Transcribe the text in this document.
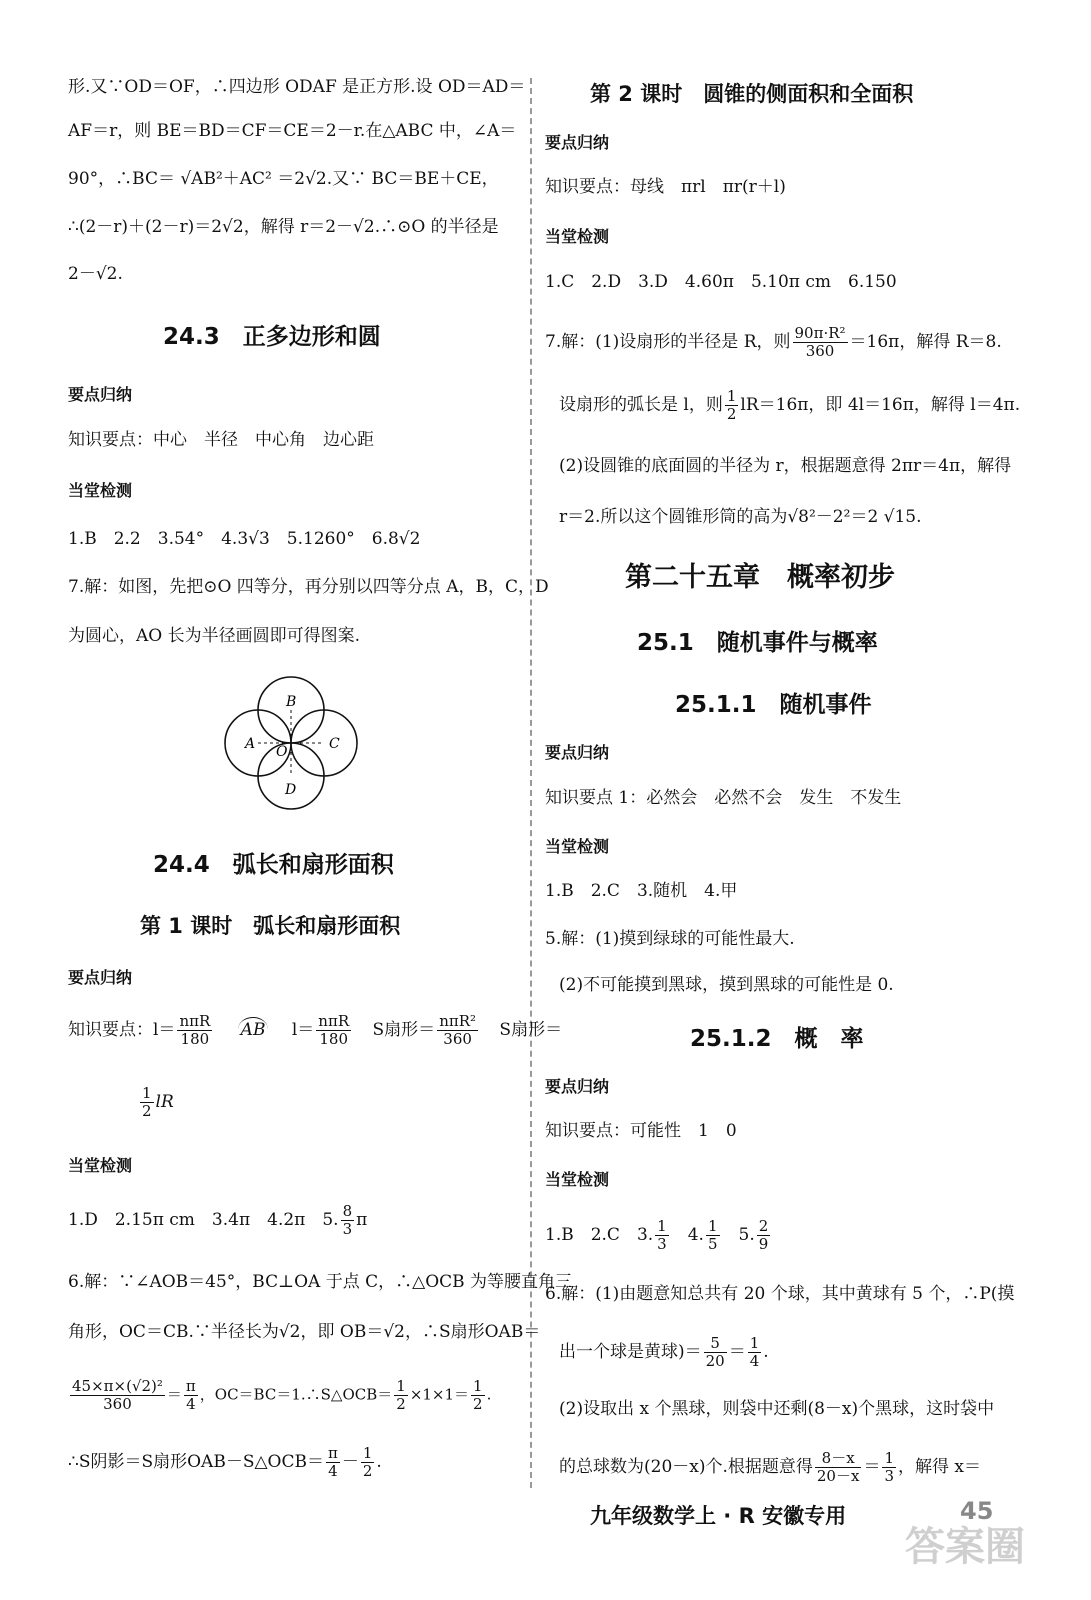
形.又∵OD＝OF，∴四边形 ODAF 是正方形.设 OD＝AD＝
AF＝r，则 BE＝BD＝CF＝CE＝2－r.在△ABC 中，∠A＝
90°，∴BC＝ √AB²＋AC² ＝2√2.又∵ BC＝BE＋CE，
∴(2－r)＋(2－r)＝2√2，解得 r＝2－√2.∴⊙O 的半径是
2－√2.
24.3　正多边形和圆
要点归纳
知识要点：中心　半径　中心角　边心距
当堂检测
1.B　2.2　3.54°　4.3√3　5.1260°　6.8√2
7.解：如图，先把⊙O 四等分，再分别以四等分点 A，B，C，D
为圆心，AO 长为半径画圆即可得图案.
B
A O	C
D
24.4　弧长和扇形面积
第 1 课时　弧长和扇形面积
要点归纳
知识要点：$l= \frac{\text{nπR}}{180}$ AB $l= \frac{\text{nπR}}{180}$ S扇形＝ $\frac{\text{nπR²}}{360}$ S扇形＝
$\frac{1}{2}$ lR
当堂检测
1.D　2.15π cm　3.4π　4.2π　5. $\frac{8}{3}$ π
6.解：∵∠AOB＝45°，BC⊥OA 于点 C，∴△OCB 为等腰直角三
角形，OC＝CB.∵半径长为√2，即 OB＝√2，∴S扇形OAB＝
$\frac{\text{45×π×(√2)²}}{360} = \frac{\pi}{4}$ ，OC＝BC＝1.∴S△OCB＝ $\frac{1}{2} \times 1\times 1= \frac{1}{2}$ .
∴S阴影＝S扇形OAB－S△OCB＝ $\frac{\pi}{4} - \frac{1}{2}$ .
第 2 课时　圆锥的侧面积和全面积
要点归纳
知识要点：母线　πrl　πr(r＋l)
当堂检测
1.C　2.D　3.D　4.60π　5.10π cm　6.150
7.解：(1)设扇形的半径是 R，则 $\frac{\text{90π·R²}}{360} =16\pi$，解得 R＝8.
设扇形的弧长是 l，则 $\frac{1}{2} lR=16\pi$，即 4l＝16π，解得 l＝4π.
(2)设圆锥的底面圆的半径为 r，根据题意得 2πr＝4π，解得
r＝2.所以这个圆锥形筒的高为√8²－2²＝2 √15.
第二十五章　概率初步
25.1　随机事件与概率
25.1.1　随机事件
要点归纳
知识要点 1：必然会　必然不会　发生　不发生
当堂检测
1.B　2.C　3.随机　4.甲
5.解：(1)摸到绿球的可能性最大.
(2)不可能摸到黑球，摸到黑球的可能性是 0.
25.1.2　概　率
要点归纳
知识要点：可能性　1　0
当堂检测
1.B　2.C　3. $\frac{1}{3}$ 　4. $\frac{1}{5}$ 　5. $\frac{2}{9}$
6.解：(1)由题意知总共有 20 个球，其中黄球有 5 个，∴P(摸
出一个球是黄球)＝ $\frac{5}{20} = \frac{1}{4}$ .
(2)设取出 x 个黑球，则袋中还剩(8－x)个黑球，这时袋中
的总球数为(20－x)个.根据题意得 $\frac{8-x}{20-x} = \frac{1}{3}$ ，解得 x＝
九年级数学上 · R 安徽专用	45
答案圈
